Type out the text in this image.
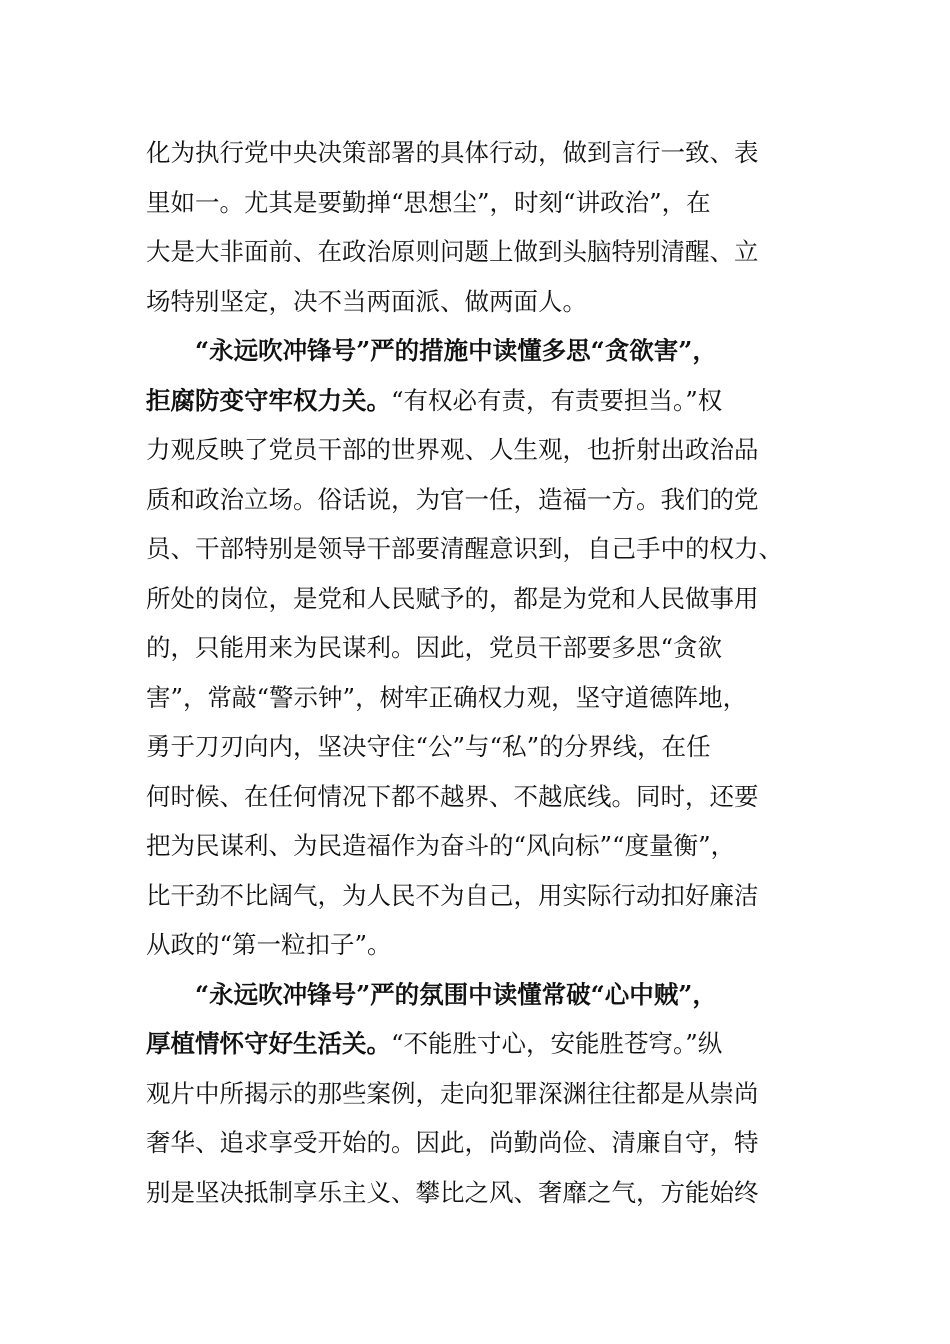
化为执行党中央决策部署的具体行动，做到言行一致、表
里如一。尤其是要勤掸“思想尘”，时刻“讲政治”，在
大是大非面前、在政治原则问题上做到头脑特别清醒、立
场特别坚定，决不当两面派、做两面人。
“永远吹冲锋号”严的措施中读懂多思“贪欲害”，
拒腐防变守牢权力关。“有权必有责，有责要担当。”权
力观反映了党员干部的世界观、人生观，也折射出政治品
质和政治立场。俗话说，为官一任，造福一方。我们的党
员、干部特别是领导干部要清醒意识到，自己手中的权力、
所处的岗位，是党和人民赋予的，都是为党和人民做事用
的，只能用来为民谋利。因此，党员干部要多思“贪欲
害”，常敲“警示钟”，树牢正确权力观，坚守道德阵地，
勇于刀刃向内，坚决守住“公”与“私”的分界线，在任
何时候、在任何情况下都不越界、不越底线。同时，还要
把为民谋利、为民造福作为奋斗的“风向标”“度量衡”，
比干劲不比阔气，为人民不为自己，用实际行动扣好廉洁
从政的“第一粒扣子”。
“永远吹冲锋号”严的氛围中读懂常破“心中贼”，
厚植情怀守好生活关。“不能胜寸心，安能胜苍穹。”纵
观片中所揭示的那些案例，走向犯罪深渊往往都是从崇尚
奢华、追求享受开始的。因此，尚勤尚俭、清廉自守，特
别是坚决抵制享乐主义、攀比之风、奢靡之气，方能始终
